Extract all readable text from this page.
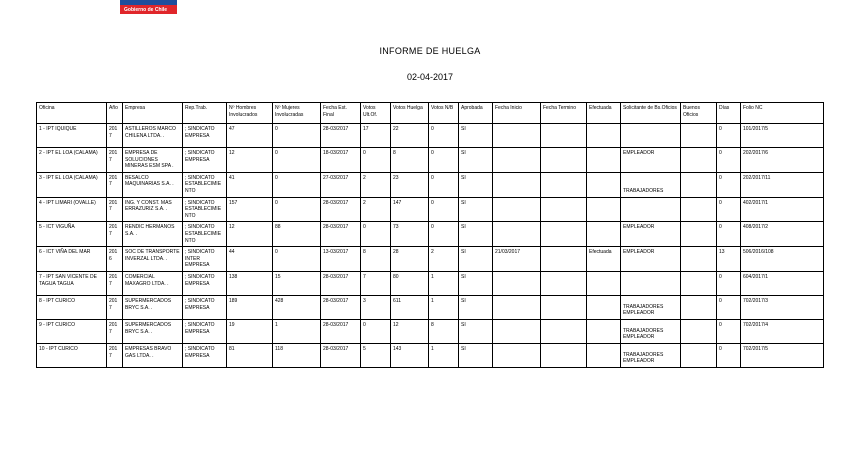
Gobierno de Chile
INFORME DE HUELGA
02-04-2017
Oficina	Año	Empresa	Rep.Trab.	Nº Hombres Involucrados	Nº Mujeres Involucradas	Fecha Est. Final	Votos Ult.Of.	Votos Huelga	Votos N/B	Aprobada	Fecha Inicio	Fecha Termino	Efectuada	Solicitante de Bs.Oficios	Buenos Oficios	Días	Folio NC
1 - IPT IQUIQUE	2017	ASTILLEROS MARCO CHILENA LTDA. .	; SINDICATO EMPRESA	47	0	28-03/2017	17	22	0	SI						0	101/2017/5
2 - IPT EL LOA (CALAMA)	2017	EMPRESA DE SOLUCIONES MINERAS ESM SPA .	; SINDICATO EMPRESA	12	0	18-03/2017	0	8	0	SI				EMPLEADOR		0	202/2017/6
3 - IPT EL LOA (CALAMA)	2017	BESALCO MAQUINARIAS S.A. .	; SINDICATO ESTABLECIMIENTO	41	0	27-03/2017	2	23	0	SI				TRABAJADORES		0	202/2017/11
4 - IPT LIMARI (OVALLE)	2017	ING. Y CONST. MAS ERRAZURIZ S.A. .	; SINDICATO ESTABLECIMIENTO	157	0	28-03/2017	2	147	0	SI						0	402/2017/1
5 - ICT VIGUÑA	2017	RENDIC HERMANOS S.A. .	; SINDICATO ESTABLECIMIENTO	12	88	28-03/2017	0	73	0	SI				EMPLEADOR		0	408/2017/2
6 - ICT VIÑA DEL MAR	2016	SOC DE TRANSPORTE INVERZAL LTDA. .	; SINDICATO INTER EMPRESA	44	0	13-03/2017	8	28	2	SI	21/03/2017		Efectuada	EMPLEADOR		13	506/2016/108
7 - IPT SAN VICENTE DE TAGUA TAGUA	2017	COMERCIAL MAXAGRO LTDA. .	; SINDICATO EMPRESA	138	15	28-03/2017	7	80	1	SI						0	604/2017/1
8 - IPT CURICO	2017	SUPERMERCADOS BRYC S.A. .	; SINDICATO EMPRESA	189	428	28-03/2017	3	611	1	SI				TRABAJADORES EMPLEADOR		0	702/2017/3
9 - IPT CURICO	2017	SUPERMERCADOS BRYC S.A. .	; SINDICATO EMPRESA	19	1	28-03/2017	0	12	8	SI				TRABAJADORES EMPLEADOR		0	702/2017/4
10 - IPT CURICO	2017	EMPRESAS BRAVO GAS LTDA. .	; SINDICATO EMPRESA	81	118	28-03/2017	5	143	1	SI				TRABAJADORES EMPLEADOR		0	702/2017/5
